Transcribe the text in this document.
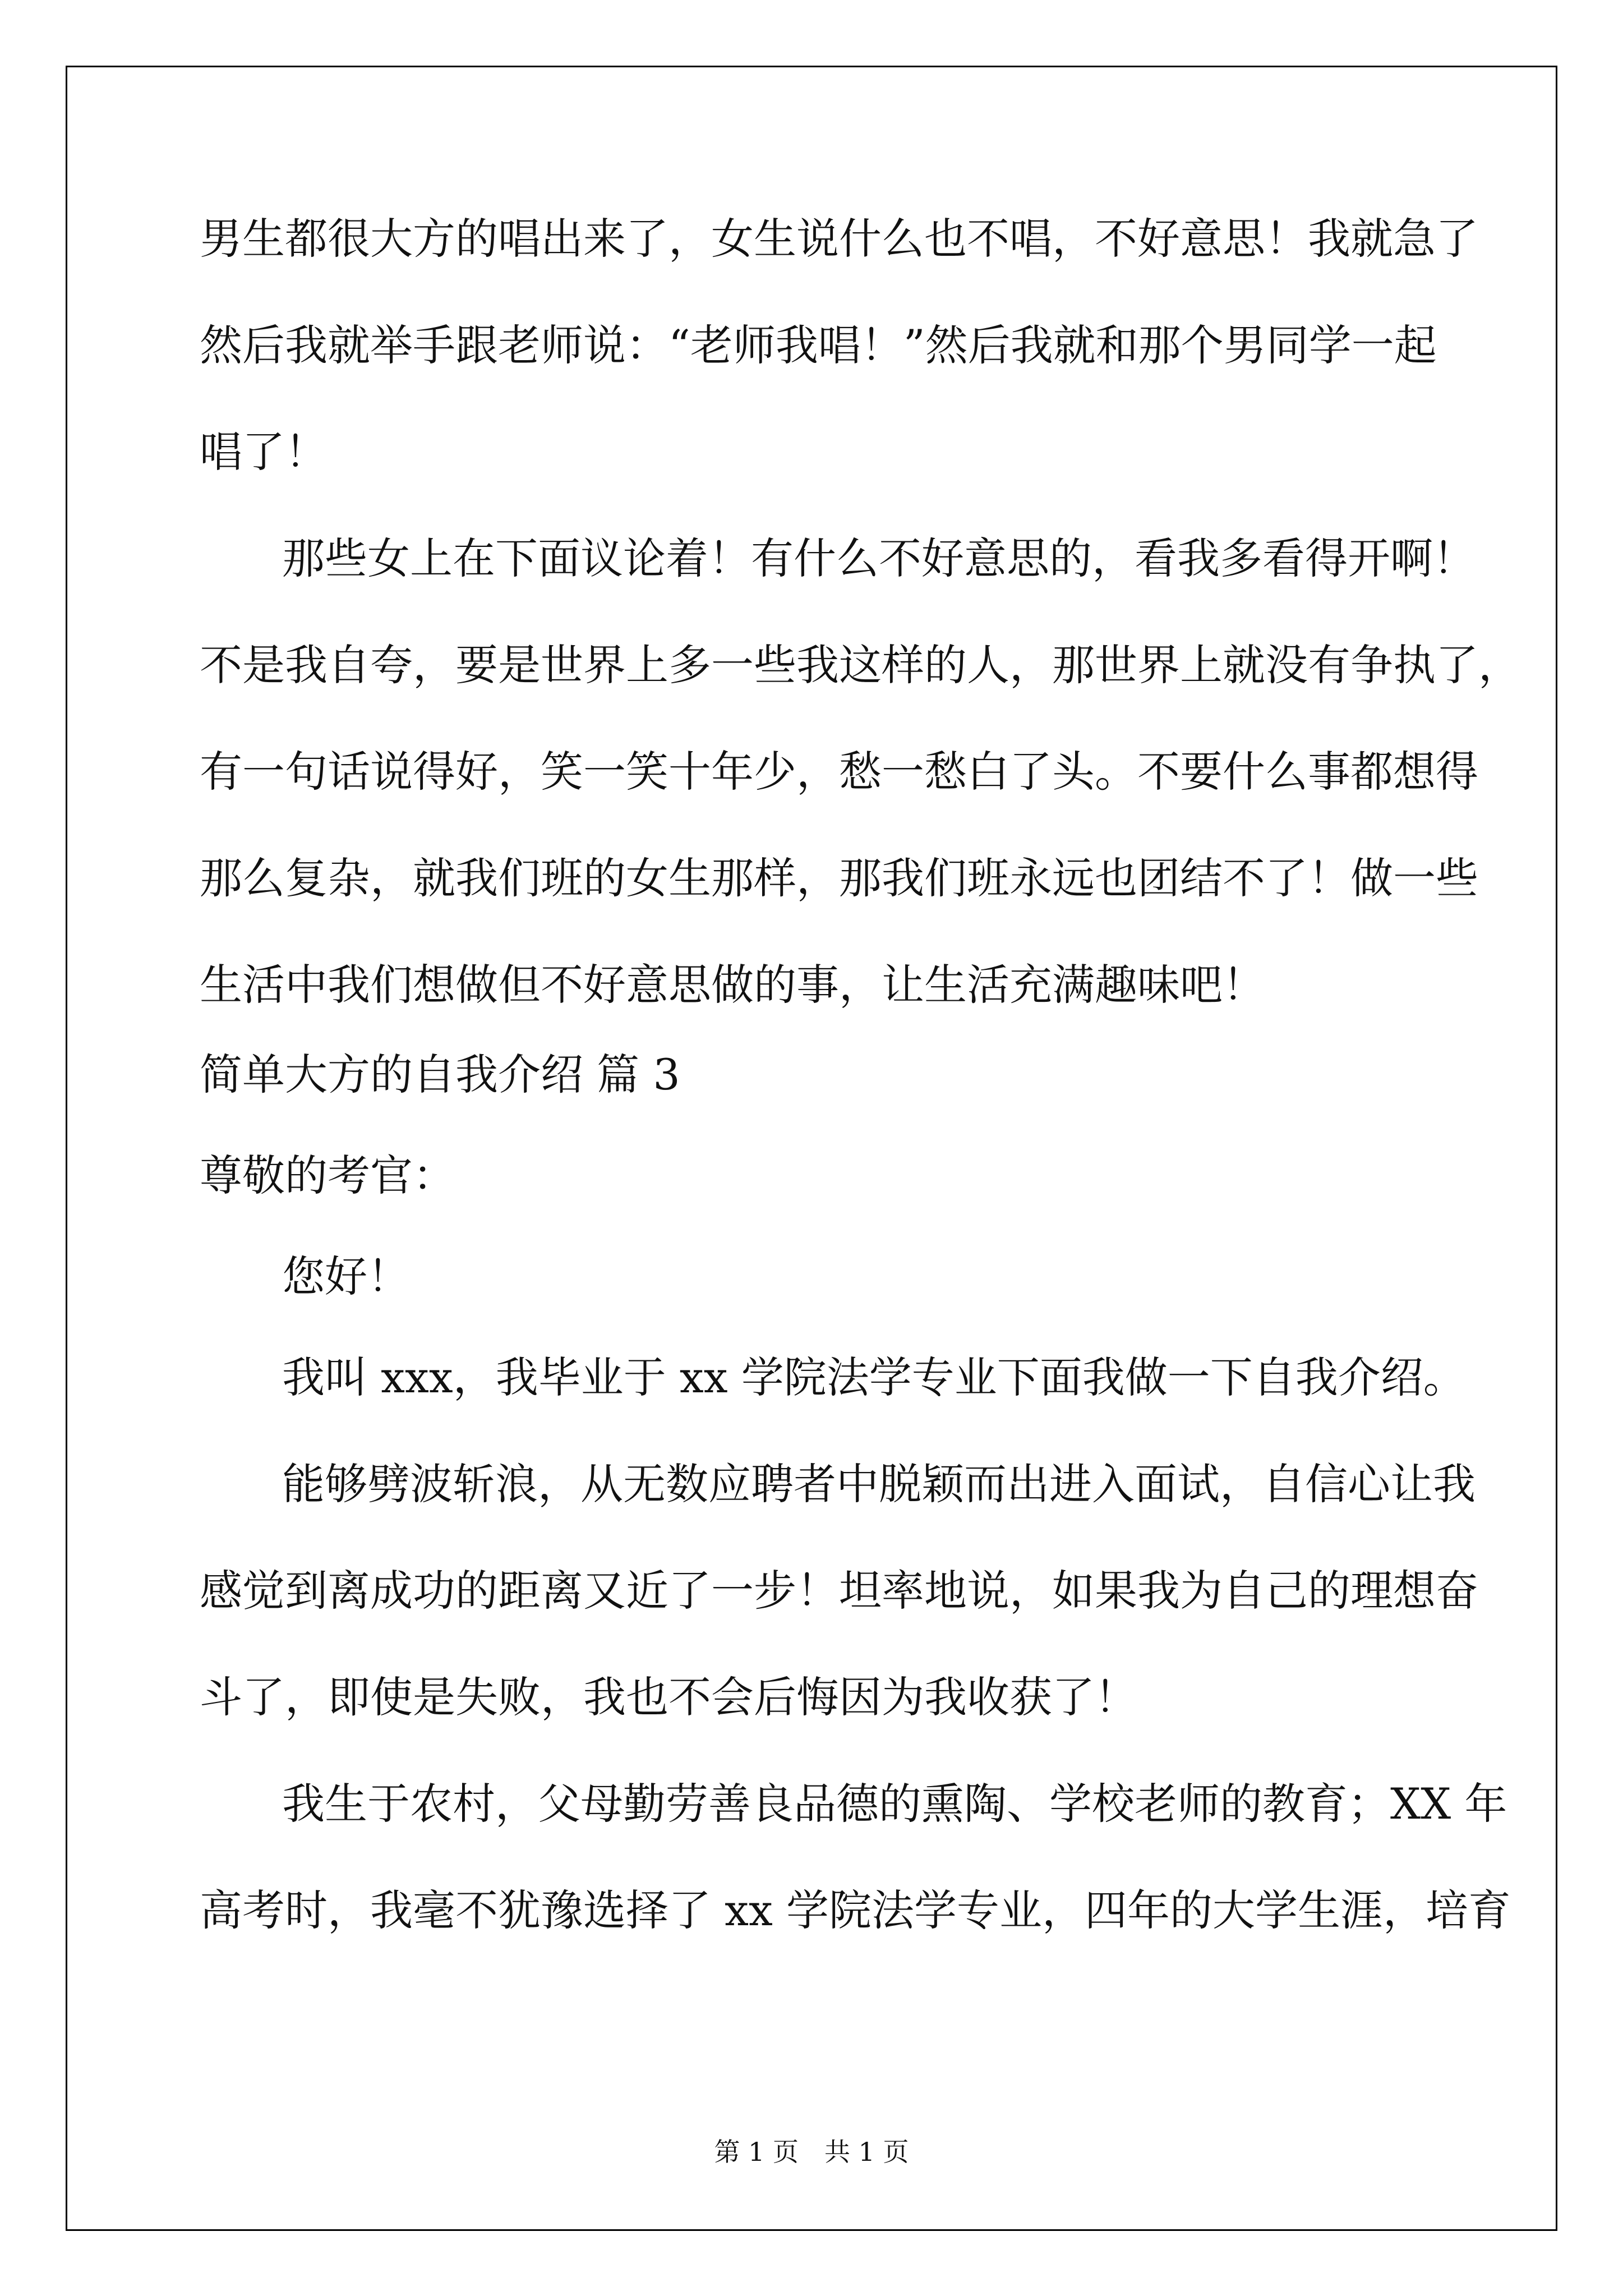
男生都很大方的唱出来了，女生说什么也不唱，不好意思！我就急了

然后我就举手跟老师说：“老师我唱！”然后我就和那个男同学一起

唱了！

那些女上在下面议论着！有什么不好意思的，看我多看得开啊！

不是我自夸，要是世界上多一些我这样的人，那世界上就没有争执了，

有一句话说得好，笑一笑十年少，愁一愁白了头。不要什么事都想得

那么复杂，就我们班的女生那样，那我们班永远也团结不了！做一些

生活中我们想做但不好意思做的事，让生活充满趣味吧！

简单大方的自我介绍 篇 3

尊敬的考官：

您好！

我叫 xxx，我毕业于 xx 学院法学专业下面我做一下自我介绍。

能够劈波斩浪，从无数应聘者中脱颖而出进入面试，自信心让我

感觉到离成功的距离又近了一步！坦率地说，如果我为自己的理想奋

斗了，即使是失败，我也不会后悔因为我收获了！

我生于农村，父母勤劳善良品德的熏陶、学校老师的教育；XX 年

高考时，我毫不犹豫选择了 xx 学院法学专业，四年的大学生涯，培育

第 1 页　共 1 页
